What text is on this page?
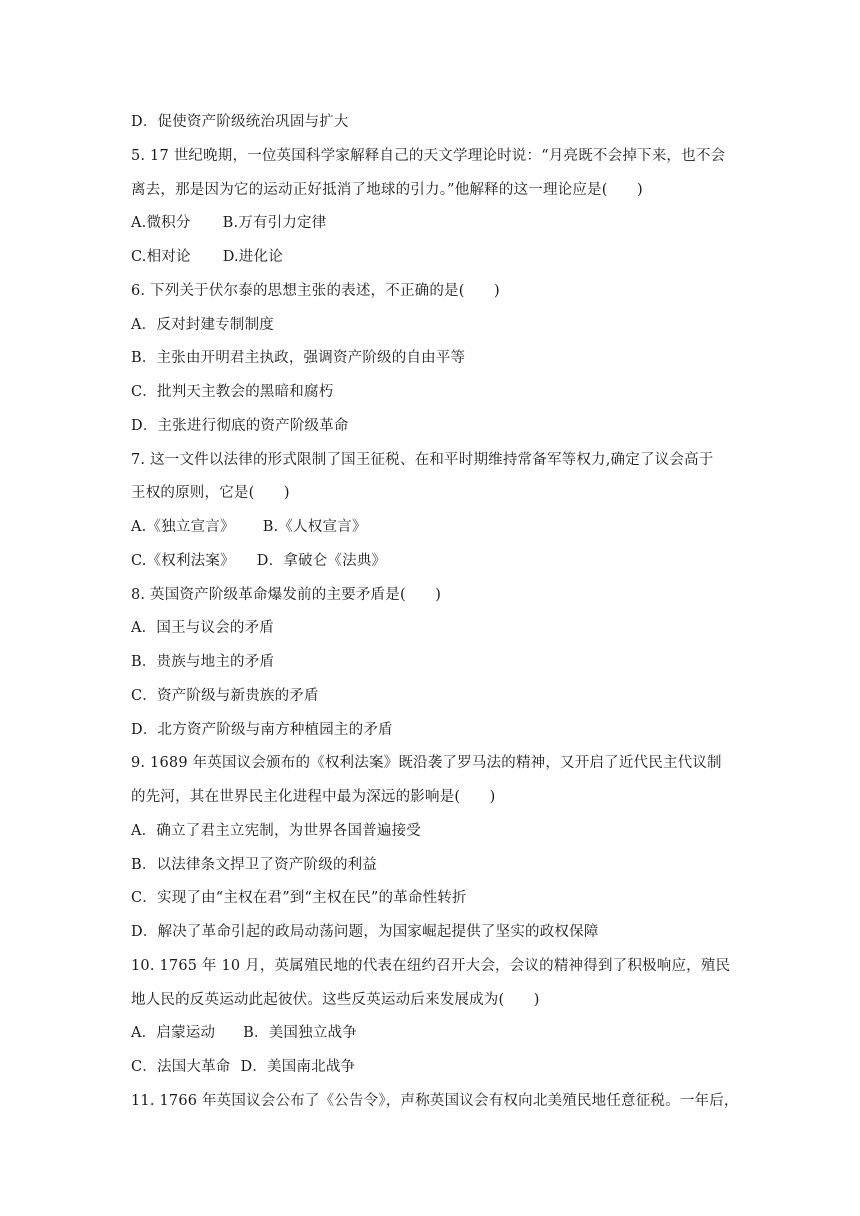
D．促使资产阶级统治巩固与扩大
5. 17 世纪晚期，一位英国科学家解释自己的天文学理论时说：“月亮既不会掉下来，也不会
离去，那是因为它的运动正好抵消了地球的引力。”他解释的这一理论应是(　　)
A.微积分 B.万有引力定律
C.相对论 D.进化论
6. 下列关于伏尔泰的思想主张的表述，不正确的是(　　)
A．反对封建专制制度
B．主张由开明君主执政，强调资产阶级的自由平等
C．批判天主教会的黑暗和腐朽
D．主张进行彻底的资产阶级革命
7. 这一文件以法律的形式限制了国王征税、在和平时期维持常备军等权力,确定了议会高于
王权的原则，它是(　　)
A.《独立宣言》 B.《人权宣言》
C.《权利法案》 D．拿破仑《法典》
8. 英国资产阶级革命爆发前的主要矛盾是(　　)
A．国王与议会的矛盾
B．贵族与地主的矛盾
C．资产阶级与新贵族的矛盾
D．北方资产阶级与南方种植园主的矛盾
9. 1689 年英国议会颁布的《权利法案》既沿袭了罗马法的精神，又开启了近代民主代议制
的先河，其在世界民主化进程中最为深远的影响是(　　)
A．确立了君主立宪制，为世界各国普遍接受
B．以法律条文捍卫了资产阶级的利益
C．实现了由“主权在君”到“主权在民”的革命性转折
D．解决了革命引起的政局动荡问题，为国家崛起提供了坚实的政权保障
10. 1765 年 10 月，英属殖民地的代表在纽约召开大会，会议的精神得到了积极响应，殖民
地人民的反英运动此起彼伏。这些反英运动后来发展成为(　　)
A．启蒙运动 B．美国独立战争
C．法国大革命 D．美国南北战争
11. 1766 年英国议会公布了《公告令》，声称英国议会有权向北美殖民地任意征税。一年后，
